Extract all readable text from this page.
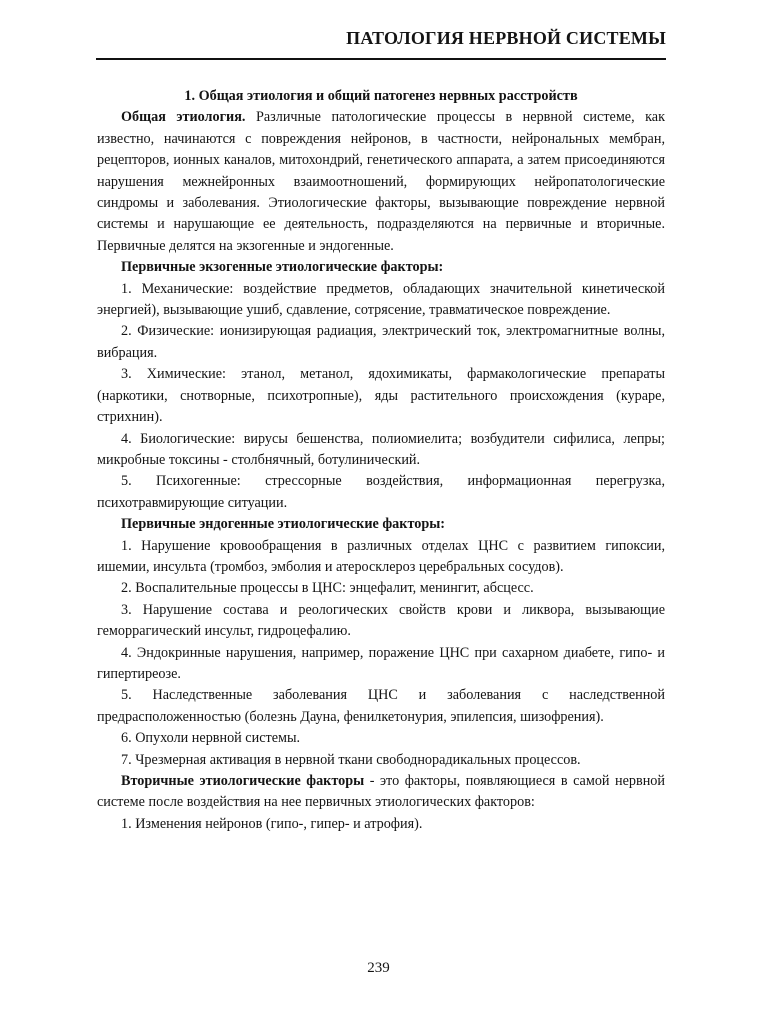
ПАТОЛОГИЯ НЕРВНОЙ СИСТЕМЫ

1. Общая этиология и общий патогенез нервных расстройств

Общая этиология. Различные патологические процессы в нервной системе, как известно, начинаются с повреждения нейронов, в частности, нейрональных мембран, рецепторов, ионных каналов, митохондрий, генетического аппарата, а затем присоединяются нарушения межнейронных взаимоотношений, формирующих нейропатологические синдромы и заболевания. Этиологические факторы, вызывающие повреждение нервной системы и нарушающие ее деятельность, подразделяются на первичные и вторичные. Первичные делятся на экзогенные и эндогенные.

Первичные экзогенные этиологические факторы:

1. Механические: воздействие предметов, обладающих значительной кинетической энергией), вызывающие ушиб, сдавление, сотрясение, травматическое повреждение.

2. Физические: ионизирующая радиация, электрический ток, электромагнитные волны, вибрация.

3. Химические: этанол, метанол, ядохимикаты, фармакологические препараты (наркотики, снотворные, психотропные), яды растительного происхождения (кураре, стрихнин).

4. Биологические: вирусы бешенства, полиомиелита; возбудители сифилиса, лепры; микробные токсины - столбнячный, ботулинический.

5. Психогенные: стрессорные воздействия, информационная перегрузка, психотравмирующие ситуации.

Первичные эндогенные этиологические факторы:

1. Нарушение кровообращения в различных отделах ЦНС с развитием гипоксии, ишемии, инсульта (тромбоз, эмболия и атеросклероз церебральных сосудов).

2. Воспалительные процессы в ЦНС: энцефалит, менингит, абсцесс.

3. Нарушение состава и реологических свойств крови и ликвора, вызывающие геморрагический инсульт, гидроцефалию.

4. Эндокринные нарушения, например, поражение ЦНС при сахарном диабете, гипо- и гипертиреозе.

5. Наследственные заболевания ЦНС и заболевания с наследственной предрасположенностью (болезнь Дауна, фенилкетонурия, эпилепсия, шизофрения).

6. Опухоли нервной системы.

7. Чрезмерная активация в нервной ткани свободнорадикальных процессов.

Вторичные этиологические факторы - это факторы, появляющиеся в самой нервной системе после воздействия на нее первичных этиологических факторов:

1. Изменения нейронов (гипо-, гипер- и атрофия).

239
